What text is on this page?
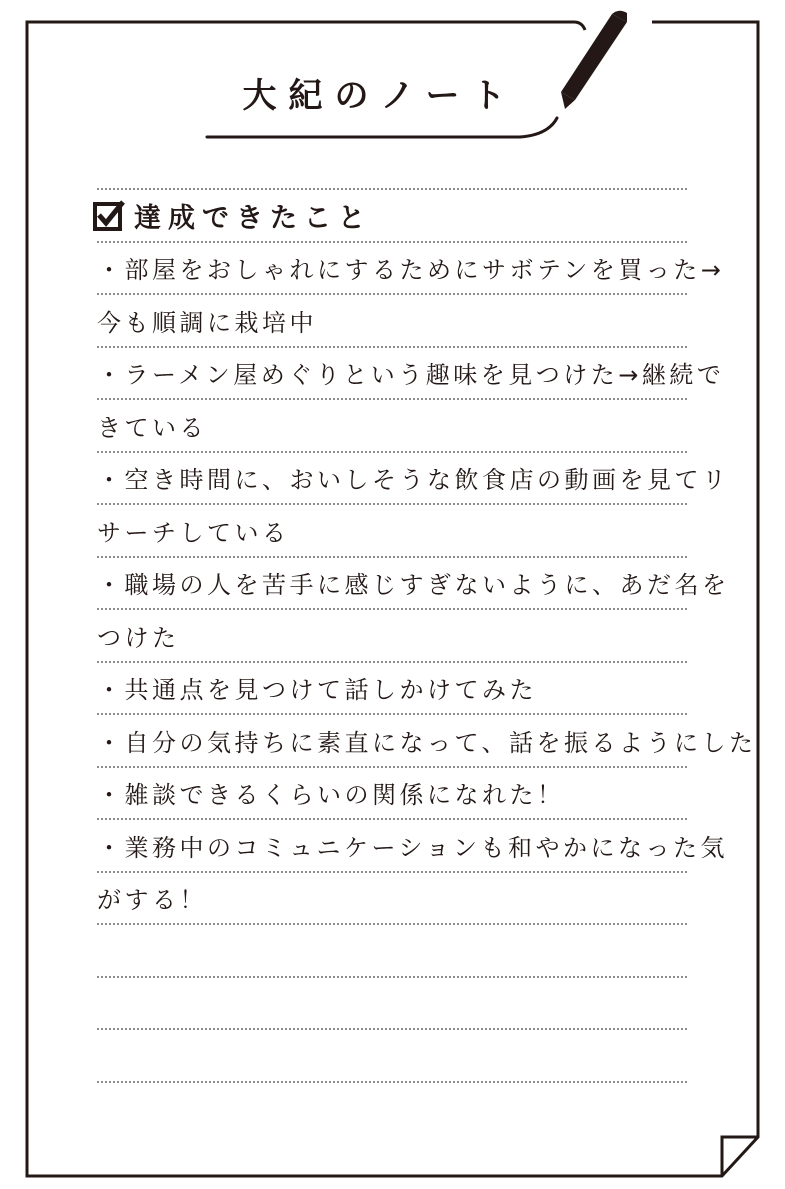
大紀のノート
達成できたこと
・部屋をおしゃれにするためにサボテンを買った→
今も順調に栽培中
・ラーメン屋めぐりという趣味を見つけた→継続で
きている
・空き時間に、おいしそうな飲食店の動画を見てリ
サーチしている
・職場の人を苦手に感じすぎないように、あだ名を
つけた
・共通点を見つけて話しかけてみた
・自分の気持ちに素直になって、話を振るようにした
・雑談できるくらいの関係になれた！
・業務中のコミュニケーションも和やかになった気
がする！
